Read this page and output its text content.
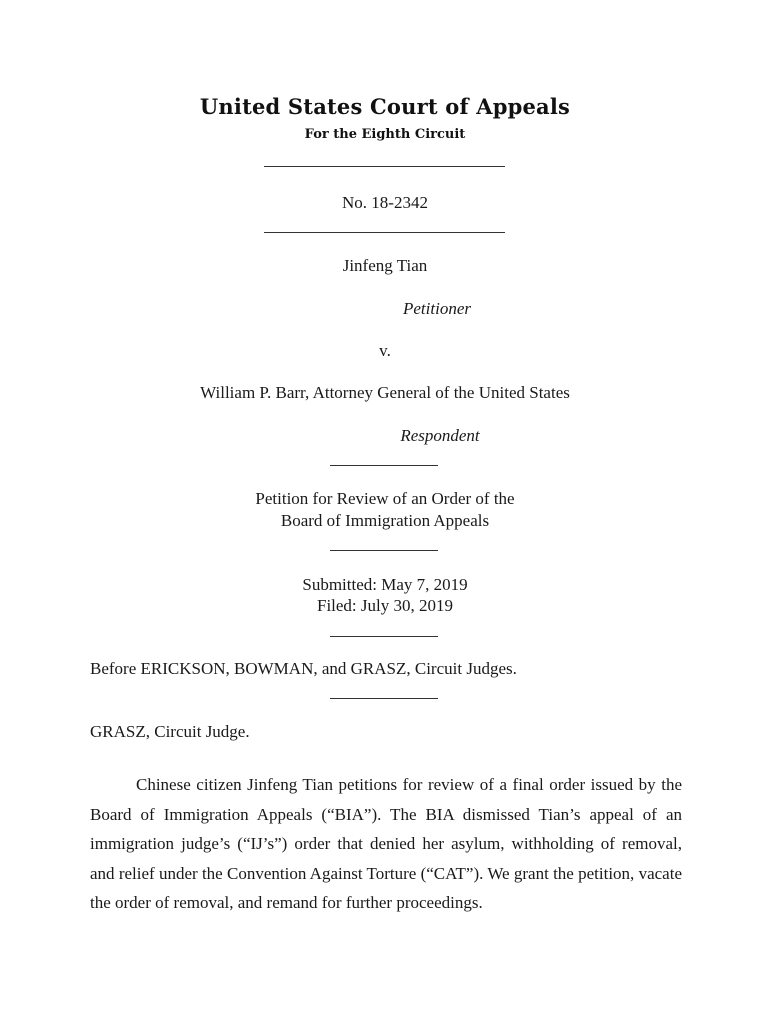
United States Court of Appeals
For the Eighth Circuit
No. 18-2342
Jinfeng Tian
Petitioner
v.
William P. Barr, Attorney General of the United States
Respondent
Petition for Review of an Order of the
Board of Immigration Appeals
Submitted: May 7, 2019
Filed: July 30, 2019
Before ERICKSON, BOWMAN, and GRASZ, Circuit Judges.
GRASZ, Circuit Judge.

Chinese citizen Jinfeng Tian petitions for review of a final order issued by the Board of Immigration Appeals (“BIA”). The BIA dismissed Tian’s appeal of an immigration judge’s (“IJ’s”) order that denied her asylum, withholding of removal, and relief under the Convention Against Torture (“CAT”). We grant the petition, vacate the order of removal, and remand for further proceedings.
